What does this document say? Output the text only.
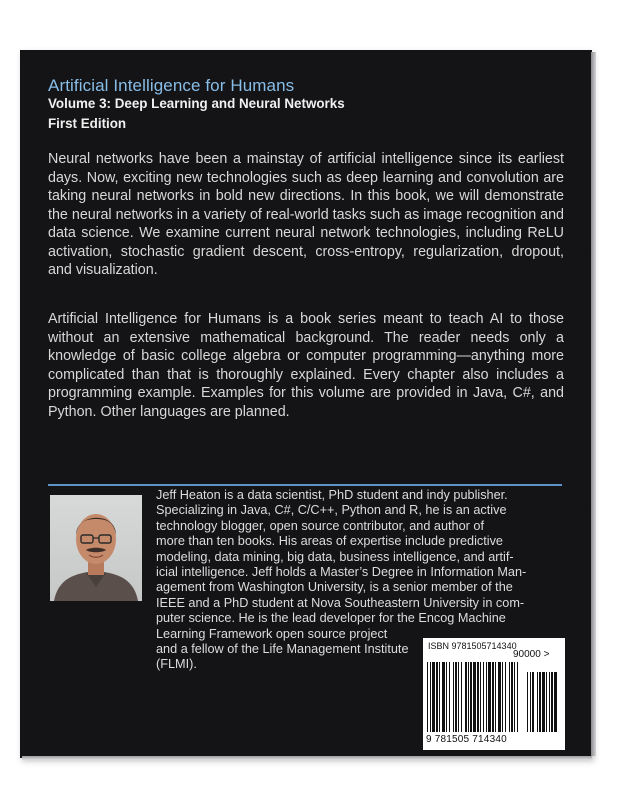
Artificial Intelligence for Humans
Volume 3: Deep Learning and Neural Networks
First Edition

Neural networks have been a mainstay of artificial intelligence since its earliest days. Now, exciting new technologies such as deep learning and convolution are taking neural networks in bold new directions. In this book, we will demonstrate the neural networks in a variety of real-world tasks such as image recognition and data science. We examine current neural network technologies, including ReLU activation, stochastic gradient descent, cross-entropy, regularization, dropout, and visualization.

Artificial Intelligence for Humans is a book series meant to teach AI to those without an extensive mathematical background. The reader needs only a knowledge of basic college algebra or computer programming—anything more complicated than that is thoroughly explained. Every chapter also includes a programming example. Examples for this volume are provided in Java, C#, and Python. Other languages are planned.

Jeff Heaton is a data scientist, PhD student and indy publisher.
Specializing in Java, C#, C/C++, Python and R, he is an active
technology blogger, open source contributor, and author of
more than ten books. His areas of expertise include predictive
modeling, data mining, big data, business intelligence, and artif-
icial intelligence. Jeff holds a Master’s Degree in Information Man-
agement from Washington University, is a senior member of the
IEEE and a PhD student at Nova Southeastern University in com-
puter science. He is the lead developer for the Encog Machine
Learning Framework open source project
and a fellow of the Life Management Institute
(FLMI).

ISBN 9781505714340
90000 >
9 781505 714340
